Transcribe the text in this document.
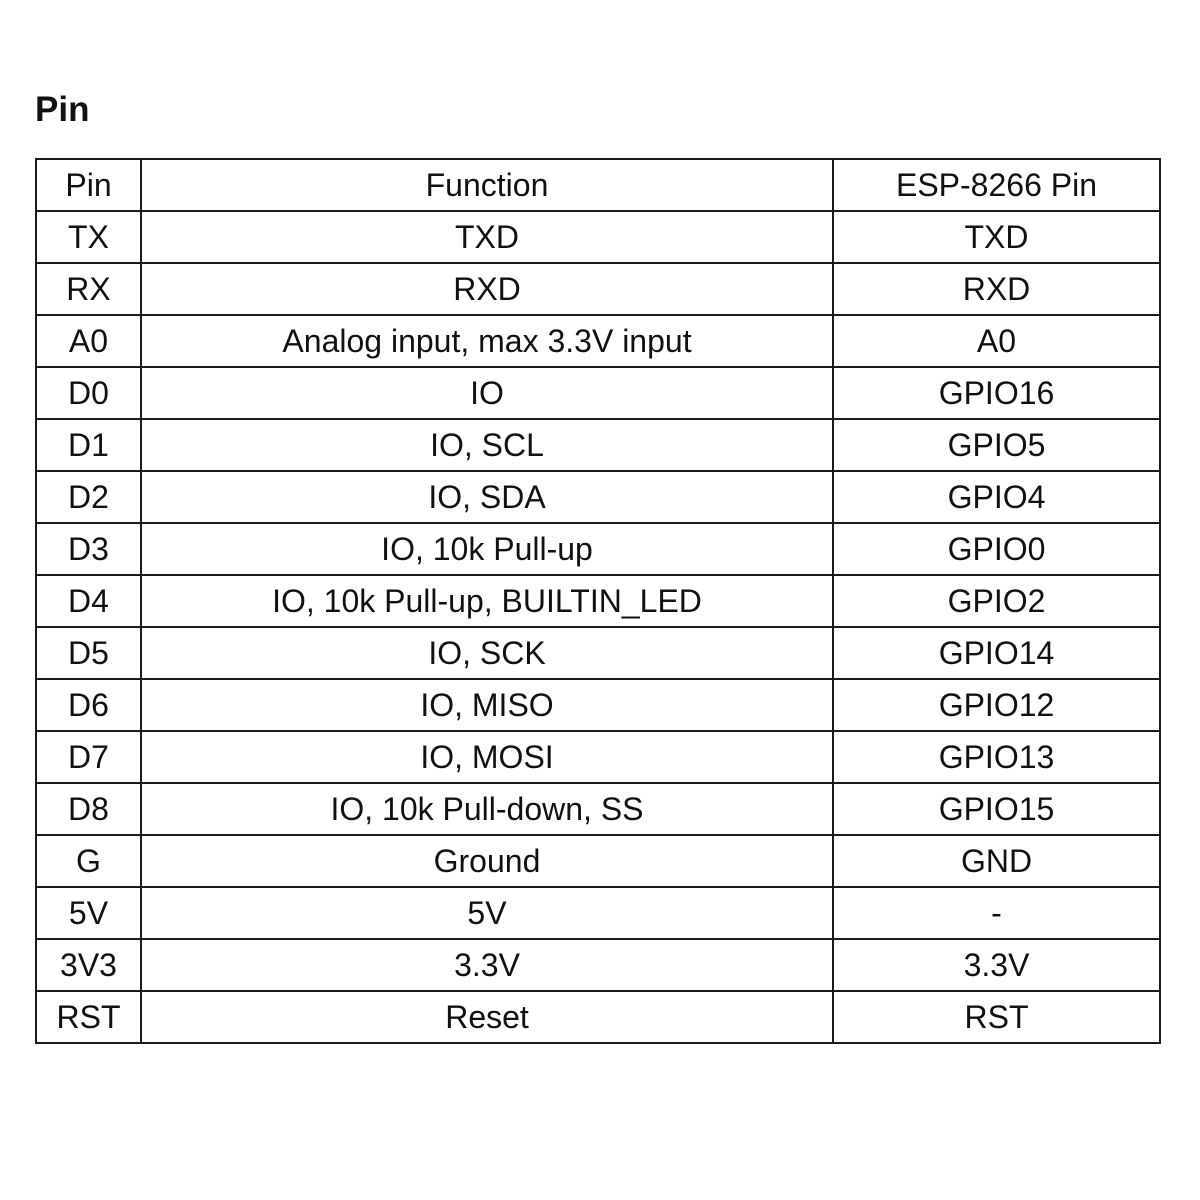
Pin
Pin	Function	ESP-8266 Pin
TX	TXD	TXD
RX	RXD	RXD
A0	Analog input, max 3.3V input	A0
D0	IO	GPIO16
D1	IO, SCL	GPIO5
D2	IO, SDA	GPIO4
D3	IO, 10k Pull-up	GPIO0
D4	IO, 10k Pull-up, BUILTIN_LED	GPIO2
D5	IO, SCK	GPIO14
D6	IO, MISO	GPIO12
D7	IO, MOSI	GPIO13
D8	IO, 10k Pull-down, SS	GPIO15
G	Ground	GND
5V	5V	-
3V3	3.3V	3.3V
RST	Reset	RST
